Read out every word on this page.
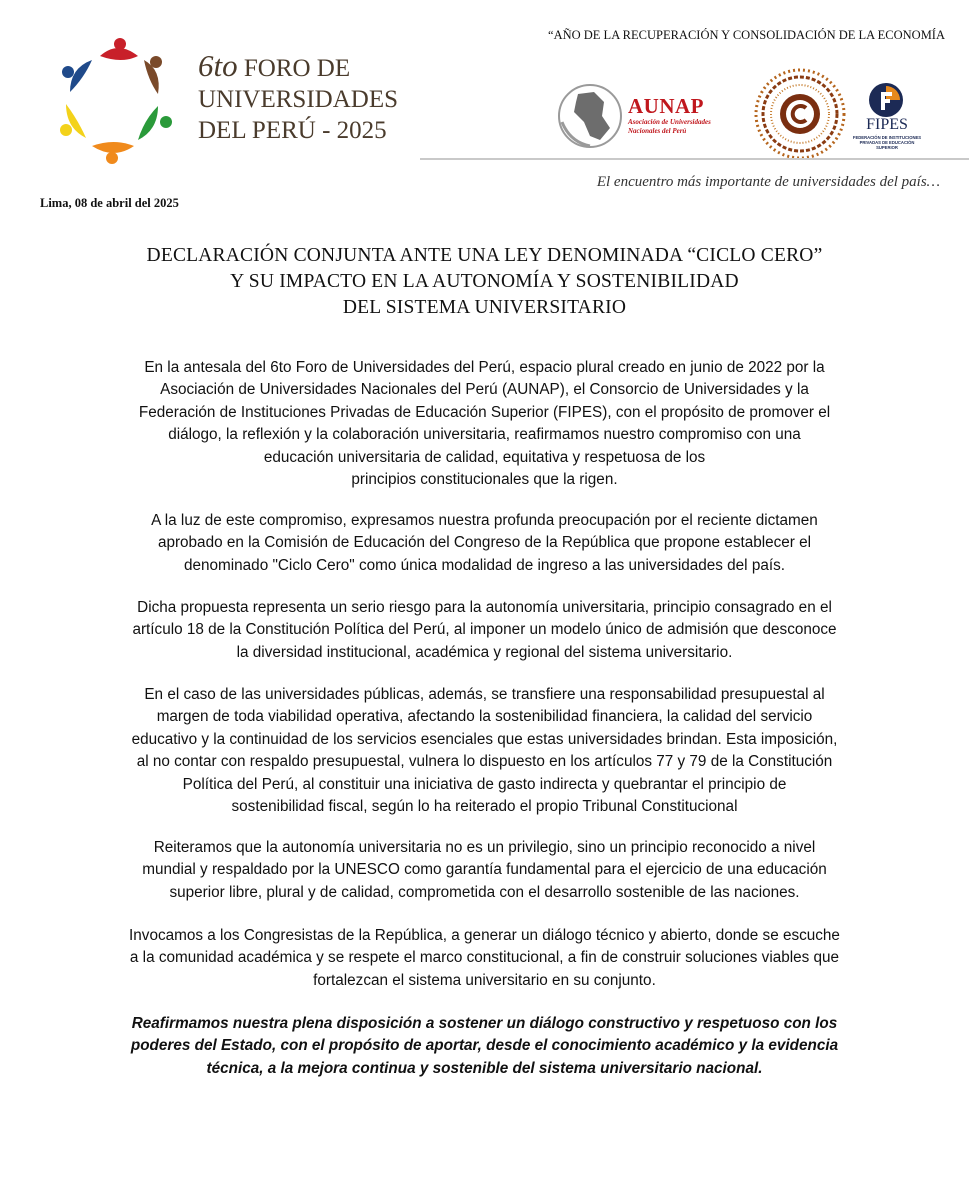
6to FORO DE
UNIVERSIDADES
DEL PERÚ - 2025
“AÑO DE LA RECUPERACIÓN Y CONSOLIDACIÓN DE LA ECONOMÍA
AUNAP
Asociación de Universidades
Nacionales del Perú	FIPES
FEDERACIÓN DE INSTITUCIONES
PRIVADAS DE EDUCACIÓN SUPERIOR
El encuentro más importante de universidades del país…
Lima, 08 de abril del 2025
DECLARACIÓN CONJUNTA ANTE UNA LEY DENOMINADA “CICLO CERO”
Y SU IMPACTO EN LA AUTONOMÍA Y SOSTENIBILIDAD
DEL SISTEMA UNIVERSITARIO
En la antesala del 6to Foro de Universidades del Perú, espacio plural creado en junio de 2022 por la
Asociación de Universidades Nacionales del Perú (AUNAP), el Consorcio de Universidades y la
Federación de Instituciones Privadas de Educación Superior (FIPES), con el propósito de promover el
diálogo, la reflexión y la colaboración universitaria, reafirmamos nuestro compromiso con una
educación universitaria de calidad, equitativa y respetuosa de los
principios constitucionales que la rigen.
A la luz de este compromiso, expresamos nuestra profunda preocupación por el reciente dictamen
aprobado en la Comisión de Educación del Congreso de la República que propone establecer el
denominado "Ciclo Cero" como única modalidad de ingreso a las universidades del país.
Dicha propuesta representa un serio riesgo para la autonomía universitaria, principio consagrado en el
artículo 18 de la Constitución Política del Perú, al imponer un modelo único de admisión que desconoce
la diversidad institucional, académica y regional del sistema universitario.
En el caso de las universidades públicas, además, se transfiere una responsabilidad presupuestal al
margen de toda viabilidad operativa, afectando la sostenibilidad financiera, la calidad del servicio
educativo y la continuidad de los servicios esenciales que estas universidades brindan. Esta imposición,
al no contar con respaldo presupuestal, vulnera lo dispuesto en los artículos 77 y 79 de la Constitución
Política del Perú, al constituir una iniciativa de gasto indirecta y quebrantar el principio de
sostenibilidad fiscal, según lo ha reiterado el propio Tribunal Constitucional
Reiteramos que la autonomía universitaria no es un privilegio, sino un principio reconocido a nivel
mundial y respaldado por la UNESCO como garantía fundamental para el ejercicio de una educación
superior libre, plural y de calidad, comprometida con el desarrollo sostenible de las naciones.
Invocamos a los Congresistas de la República, a generar un diálogo técnico y abierto, donde se escuche
a la comunidad académica y se respete el marco constitucional, a fin de construir soluciones viables que
fortalezcan el sistema universitario en su conjunto.
Reafirmamos nuestra plena disposición a sostener un diálogo constructivo y respetuoso con los
poderes del Estado, con el propósito de aportar, desde el conocimiento académico y la evidencia
técnica, a la mejora continua y sostenible del sistema universitario nacional.
